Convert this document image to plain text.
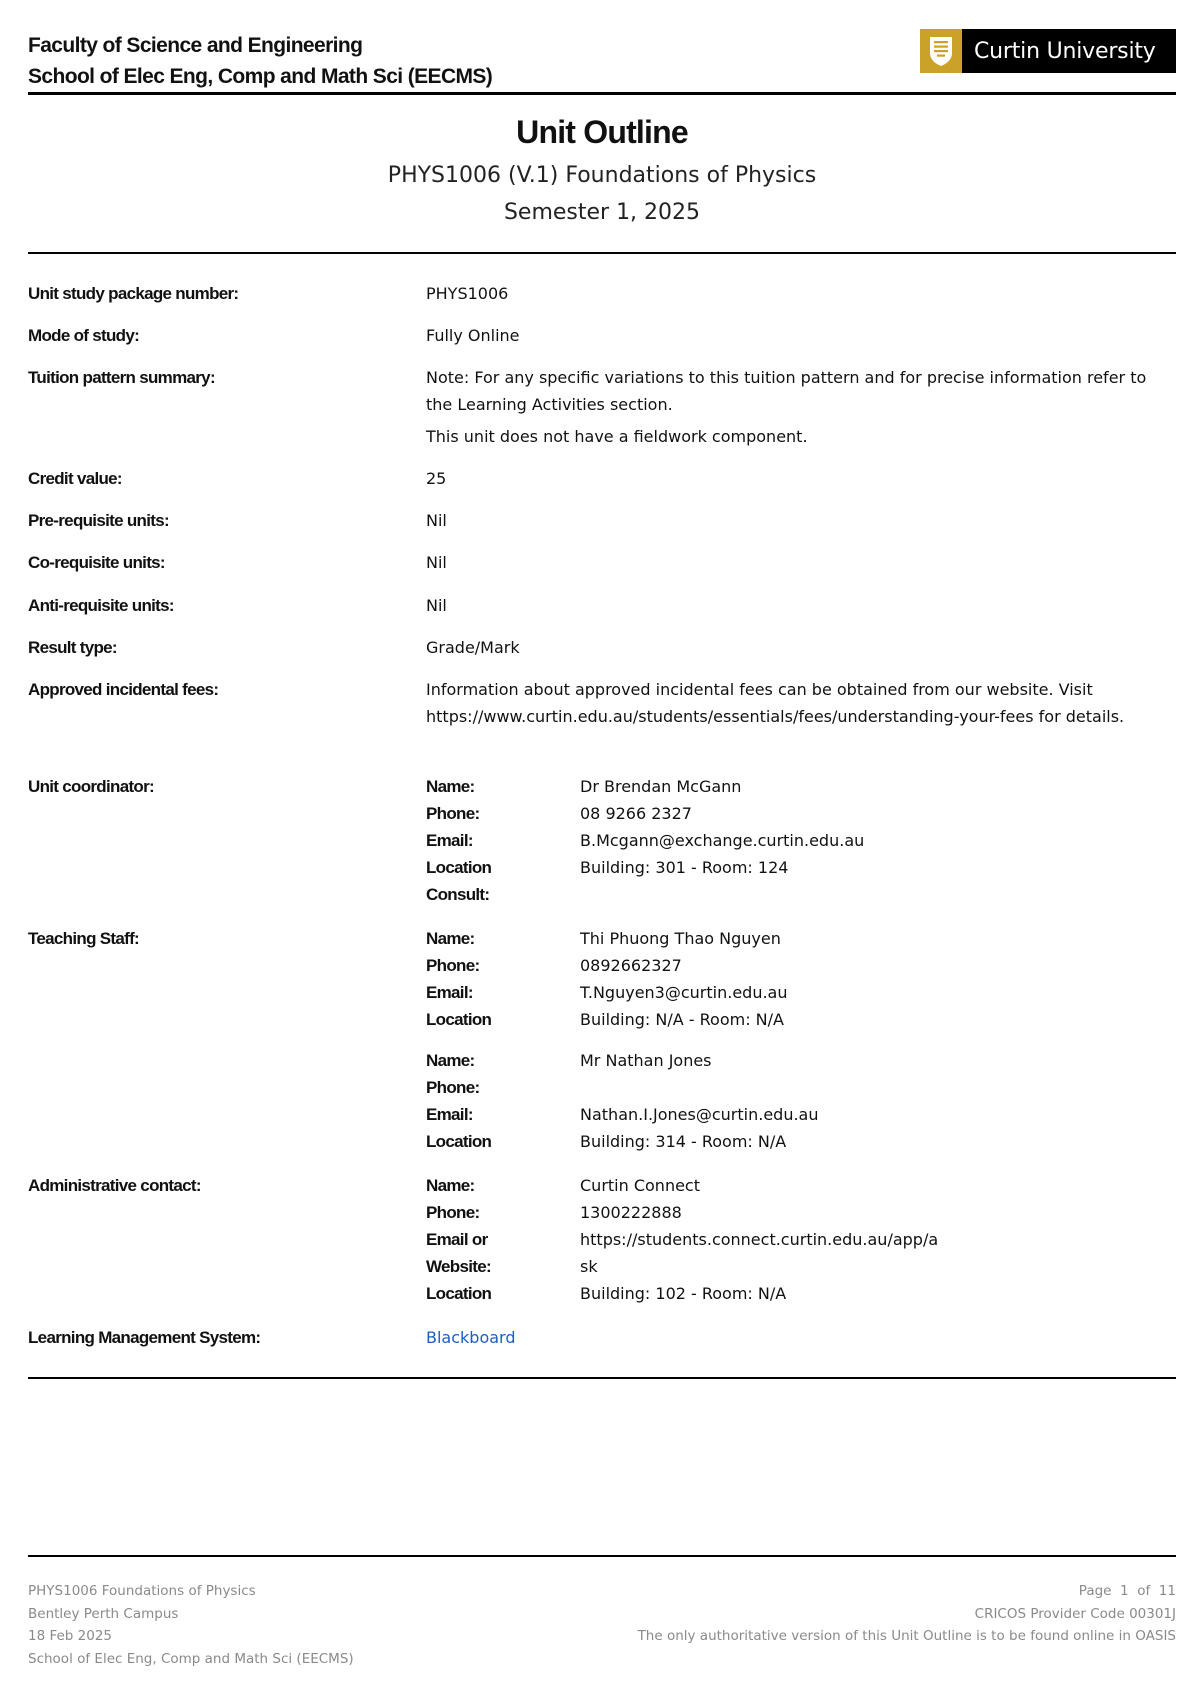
Faculty of Science and Engineering
School of Elec Eng, Comp and Math Sci (EECMS)
Curtin University
Unit Outline
PHYS1006 (V.1) Foundations of Physics
Semester 1, 2025
Unit study package number:	PHYS1006
Mode of study:	Fully Online
Tuition pattern summary:	Note: For any specific variations to this tuition pattern and for precise information refer to the Learning Activities section.

This unit does not have a fieldwork component.

Credit value:	25
Pre-requisite units:	Nil
Co-requisite units:	Nil
Anti-requisite units:	Nil
Result type:	Grade/Mark
Approved incidental fees:	Information about approved incidental fees can be obtained from our website. Visit https://www.curtin.edu.au/students/essentials/fees/understanding-your-fees for details.
Unit coordinator:	Name:	Dr Brendan McGann
Phone:	08 9266 2327
Email:	B.Mcgann@exchange.curtin.edu.au
Location	Building: 301 - Room: 124
Consult:
Teaching Staff:	Name:	Thi Phuong Thao Nguyen
Phone:	0892662327
Email:	T.Nguyen3@curtin.edu.au
Location	Building: N/A - Room: N/A
Name:	Mr Nathan Jones
Phone:
Email:	Nathan.I.Jones@curtin.edu.au
Location	Building: 314 - Room: N/A
Administrative contact:	Name:	Curtin Connect
Phone:	1300222888
Email or	https://students.connect.curtin.edu.au/app/a
Website:	sk
Location	Building: 102 - Room: N/A
Learning Management System:	Blackboard
PHYS1006 Foundations of Physics
Bentley Perth Campus
18 Feb 2025
School of Elec Eng, Comp and Math Sci (EECMS)
Page  1  of  11
CRICOS Provider Code 00301J
The only authoritative version of this Unit Outline is to be found online in OASIS
